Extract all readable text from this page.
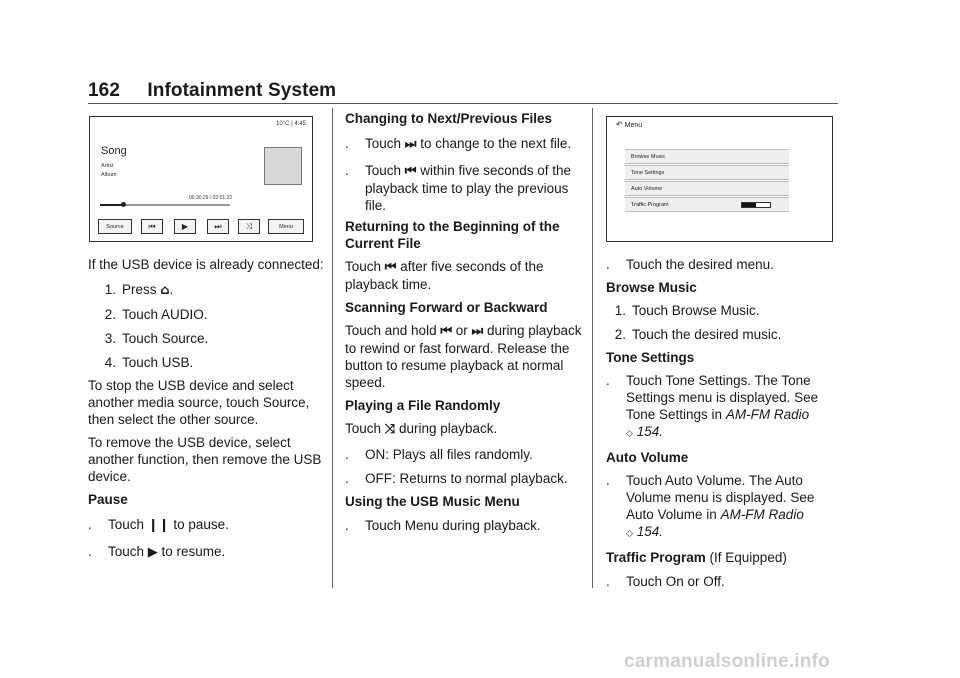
162 Infotainment System
10°C | 4:45
Song
Artist
Album
00:30:29 / 02:01:32
Source	⏮	▶	⏭	⤨	Menu

If the USB device is already connected:

1. Press ⌂.
2. Touch AUDIO.
3. Touch Source.
4. Touch USB.

To stop the USB device and select another media source, touch Source, then select the other source.

To remove the USB device, select another function, then remove the USB device.

Pause

.	Touch ❙❙ to pause.
.	Touch ▶ to resume.

Changing to Next/Previous Files

.	Touch ⏭ to change to the next file.
.	Touch ⏮ within five seconds of the playback time to play the previous file.

Returning to the Beginning of the Current File

Touch ⏮ after five seconds of the playback time.

Scanning Forward or Backward

Touch and hold ⏮ or ⏭ during playback to rewind or fast forward. Release the button to resume playback at normal speed.

Playing a File Randomly

Touch ⤨ during playback.

.	ON: Plays all files randomly.
.	OFF: Returns to normal playback.

Using the USB Music Menu

.	Touch Menu during playback.
↶ Menu
Browse Music
Tone Settings
Auto Volume
Traffic Program
.	Touch the desired menu.

Browse Music

1. Touch Browse Music.
2. Touch the desired music.

Tone Settings

.	Touch Tone Settings. The Tone Settings menu is displayed. See Tone Settings in AM-FM Radio
◇ 154.

Auto Volume

.	Touch Auto Volume. The Auto Volume menu is displayed. See Auto Volume in AM-FM Radio
◇ 154.

Traffic Program (If Equipped)

.	Touch On or Off.
carmanualsonline.info
